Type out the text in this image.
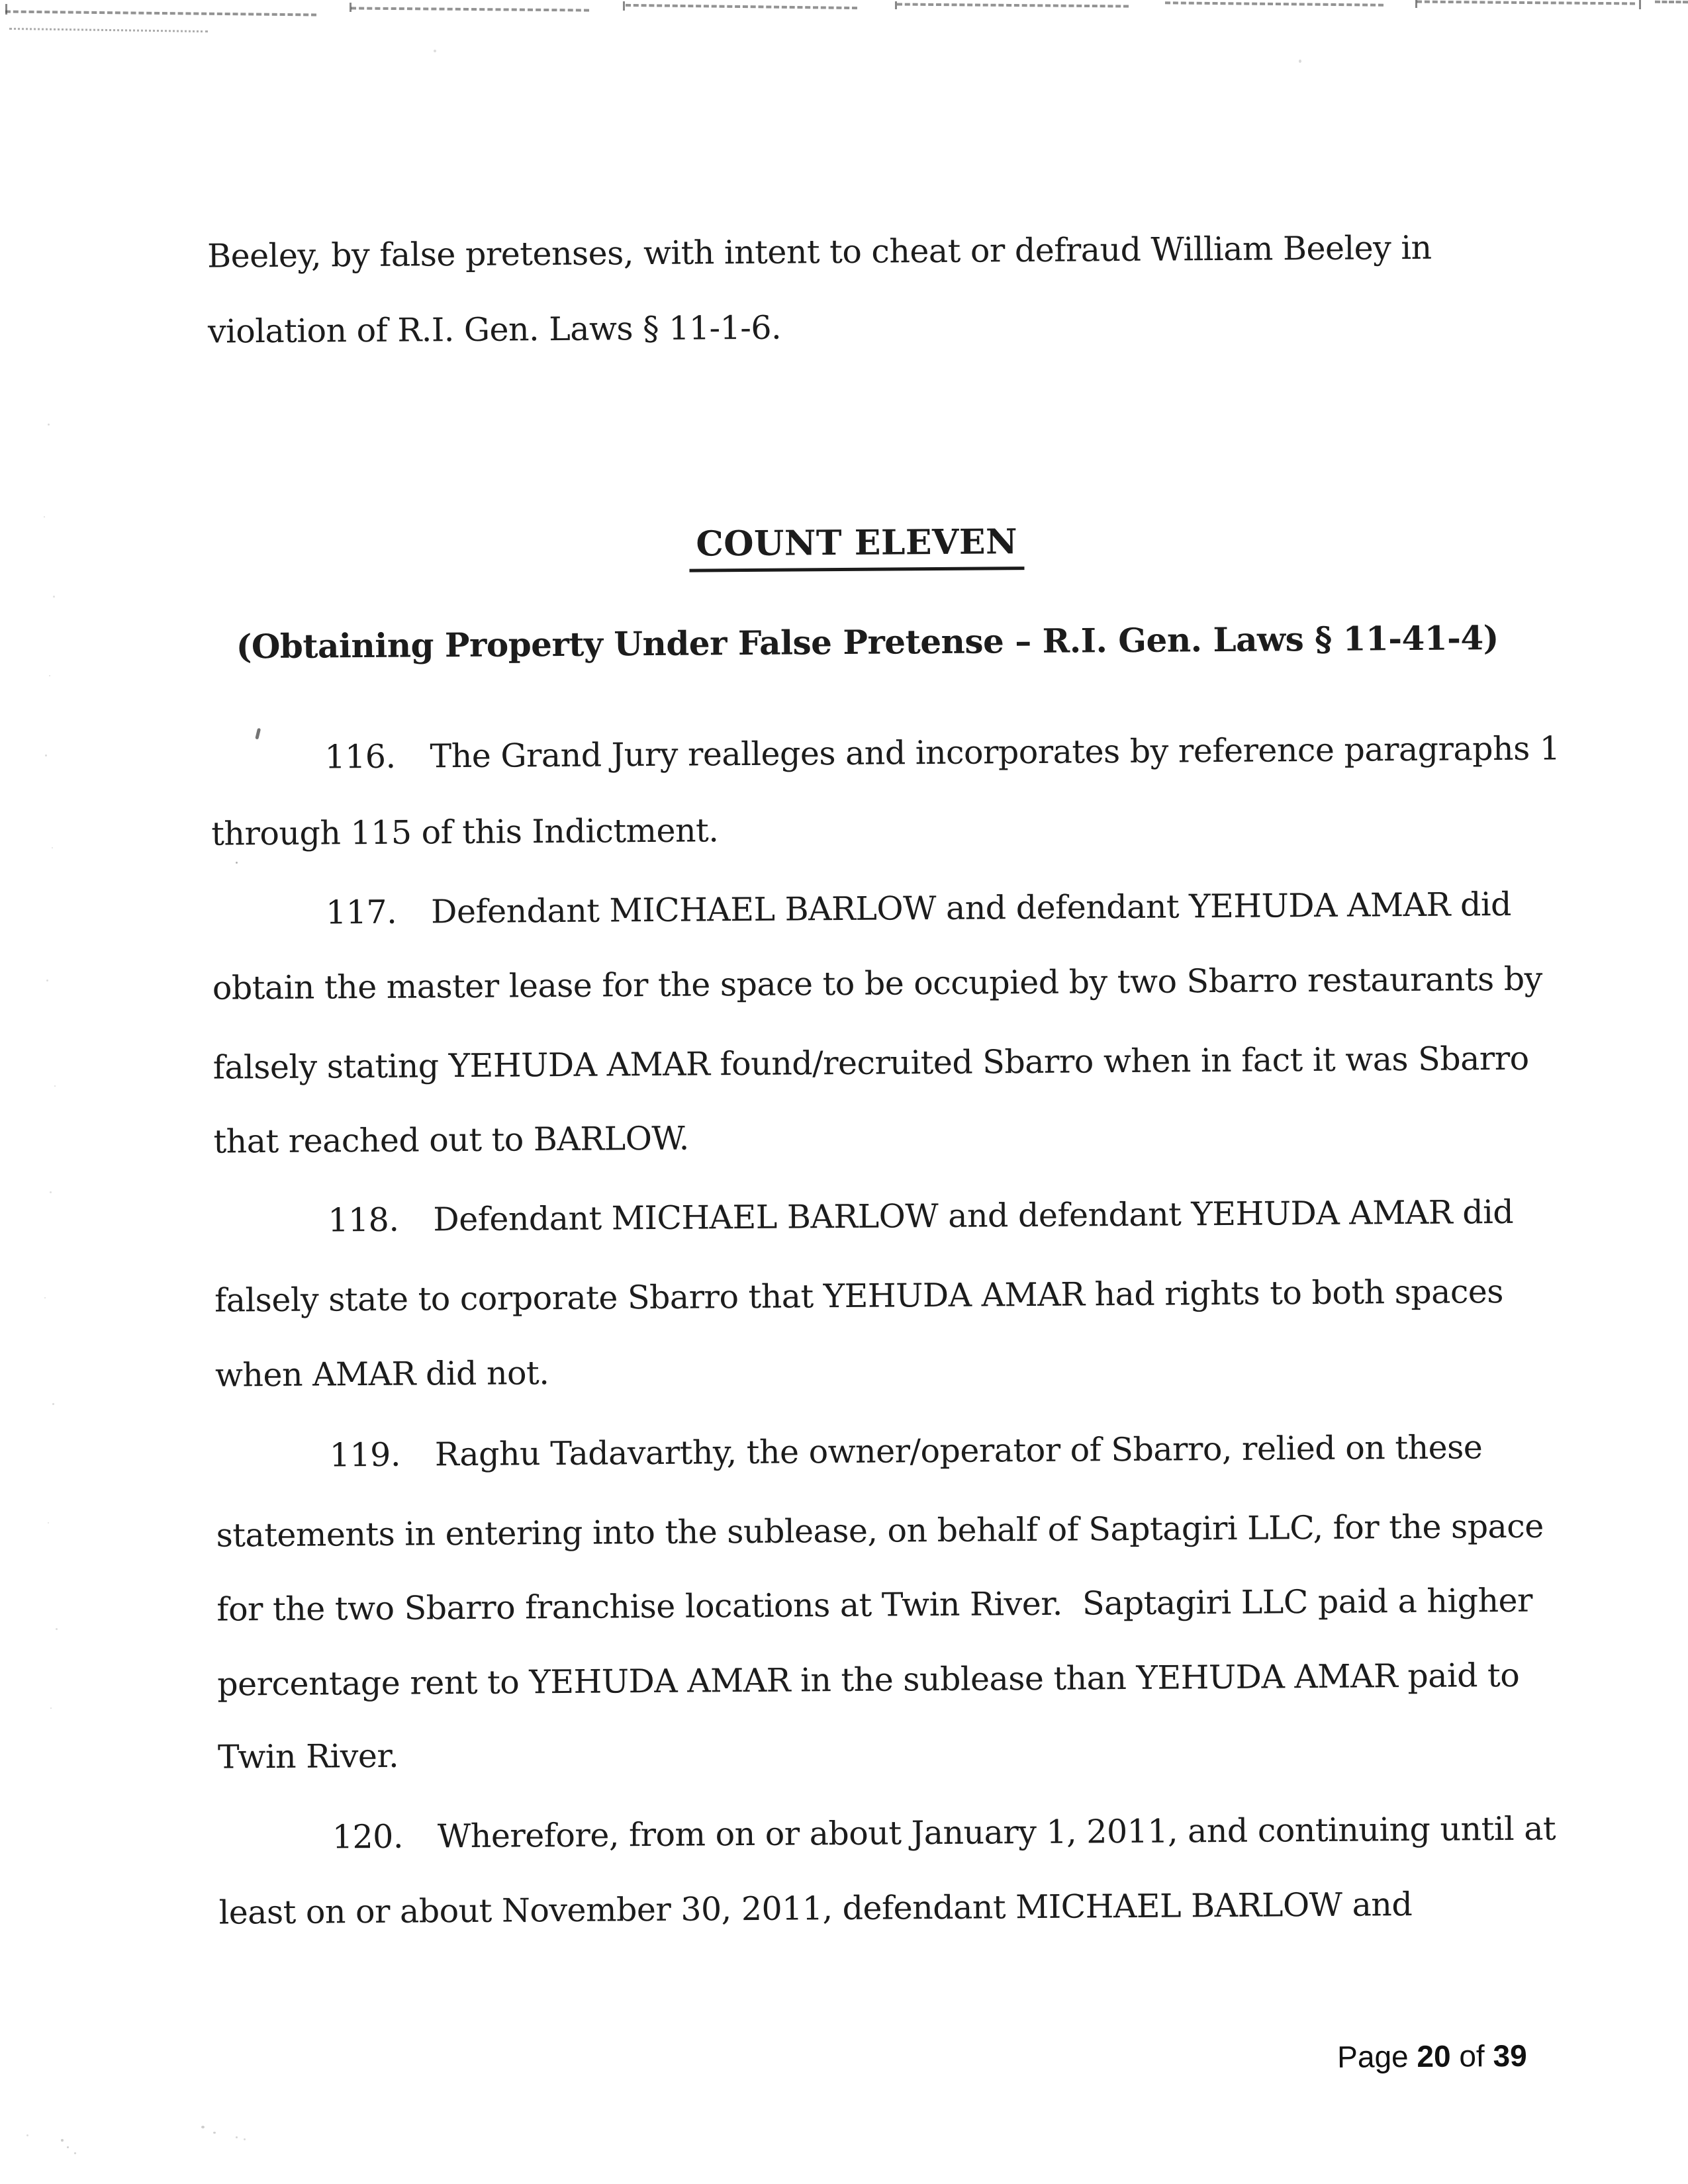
Beeley, by false pretenses, with intent to cheat or defraud William Beeley in
violation of R.I. Gen. Laws § 11-1-6.
COUNT ELEVEN
(Obtaining Property Under False Pretense – R.I. Gen. Laws § 11-41-4)
116. The Grand Jury realleges and incorporates by reference paragraphs 1
through 115 of this Indictment.
117. Defendant MICHAEL BARLOW and defendant YEHUDA AMAR did
obtain the master lease for the space to be occupied by two Sbarro restaurants by
falsely stating YEHUDA AMAR found/recruited Sbarro when in fact it was Sbarro
that reached out to BARLOW.
118. Defendant MICHAEL BARLOW and defendant YEHUDA AMAR did
falsely state to corporate Sbarro that YEHUDA AMAR had rights to both spaces
when AMAR did not.
119. Raghu Tadavarthy, the owner/operator of Sbarro, relied on these
statements in entering into the sublease, on behalf of Saptagiri LLC, for the space
for the two Sbarro franchise locations at Twin River.  Saptagiri LLC paid a higher
percentage rent to YEHUDA AMAR in the sublease than YEHUDA AMAR paid to
Twin River.
120. Wherefore, from on or about January 1, 2011, and continuing until at
least on or about November 30, 2011, defendant MICHAEL BARLOW and
Page 20 of 39
